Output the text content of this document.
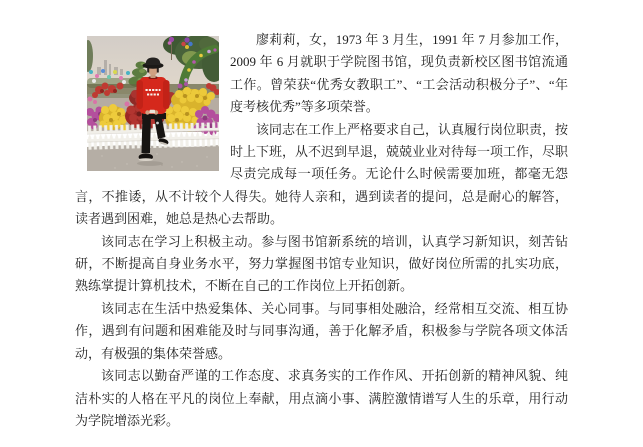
廖莉莉，女，1973 年 3 月生，1991 年 7 月参加工作，2009 年 6 月就职于学院图书馆，现负责新校区图书馆流通工作。曾荣获“优秀女教职工”、“工会活动积极分子”、“年度考核优秀”等多项荣誉。

该同志在工作上严格要求自己，认真履行岗位职责，按时上下班，从不迟到早退，兢兢业业对待每一项工作，尽职尽责完成每一项任务。无论什么时候需要加班，都毫无怨言，不推诿，从不计较个人得失。她待人亲和，遇到读者的提问，总是耐心的解答，读者遇到困难，她总是热心去帮助。

该同志在学习上积极主动。参与图书馆新系统的培训，认真学习新知识，刻苦钻研，不断提高自身业务水平，努力掌握图书馆专业知识，做好岗位所需的扎实功底，熟练掌提计算机技术，不断在自己的工作岗位上开拓创新。

该同志在生活中热爱集体、关心同事。与同事相处融洽，经常相互交流、相互协作，遇到有问题和困难能及时与同事沟通，善于化解矛盾，积极参与学院各项文体活动，有极强的集体荣誉感。

该同志以勤奋严谨的工作态度、求真务实的工作作风、开拓创新的精神风貌、纯洁朴实的人格在平凡的岗位上奉献，用点滴小事、满腔激情谱写人生的乐章，用行动为学院增添光彩。
